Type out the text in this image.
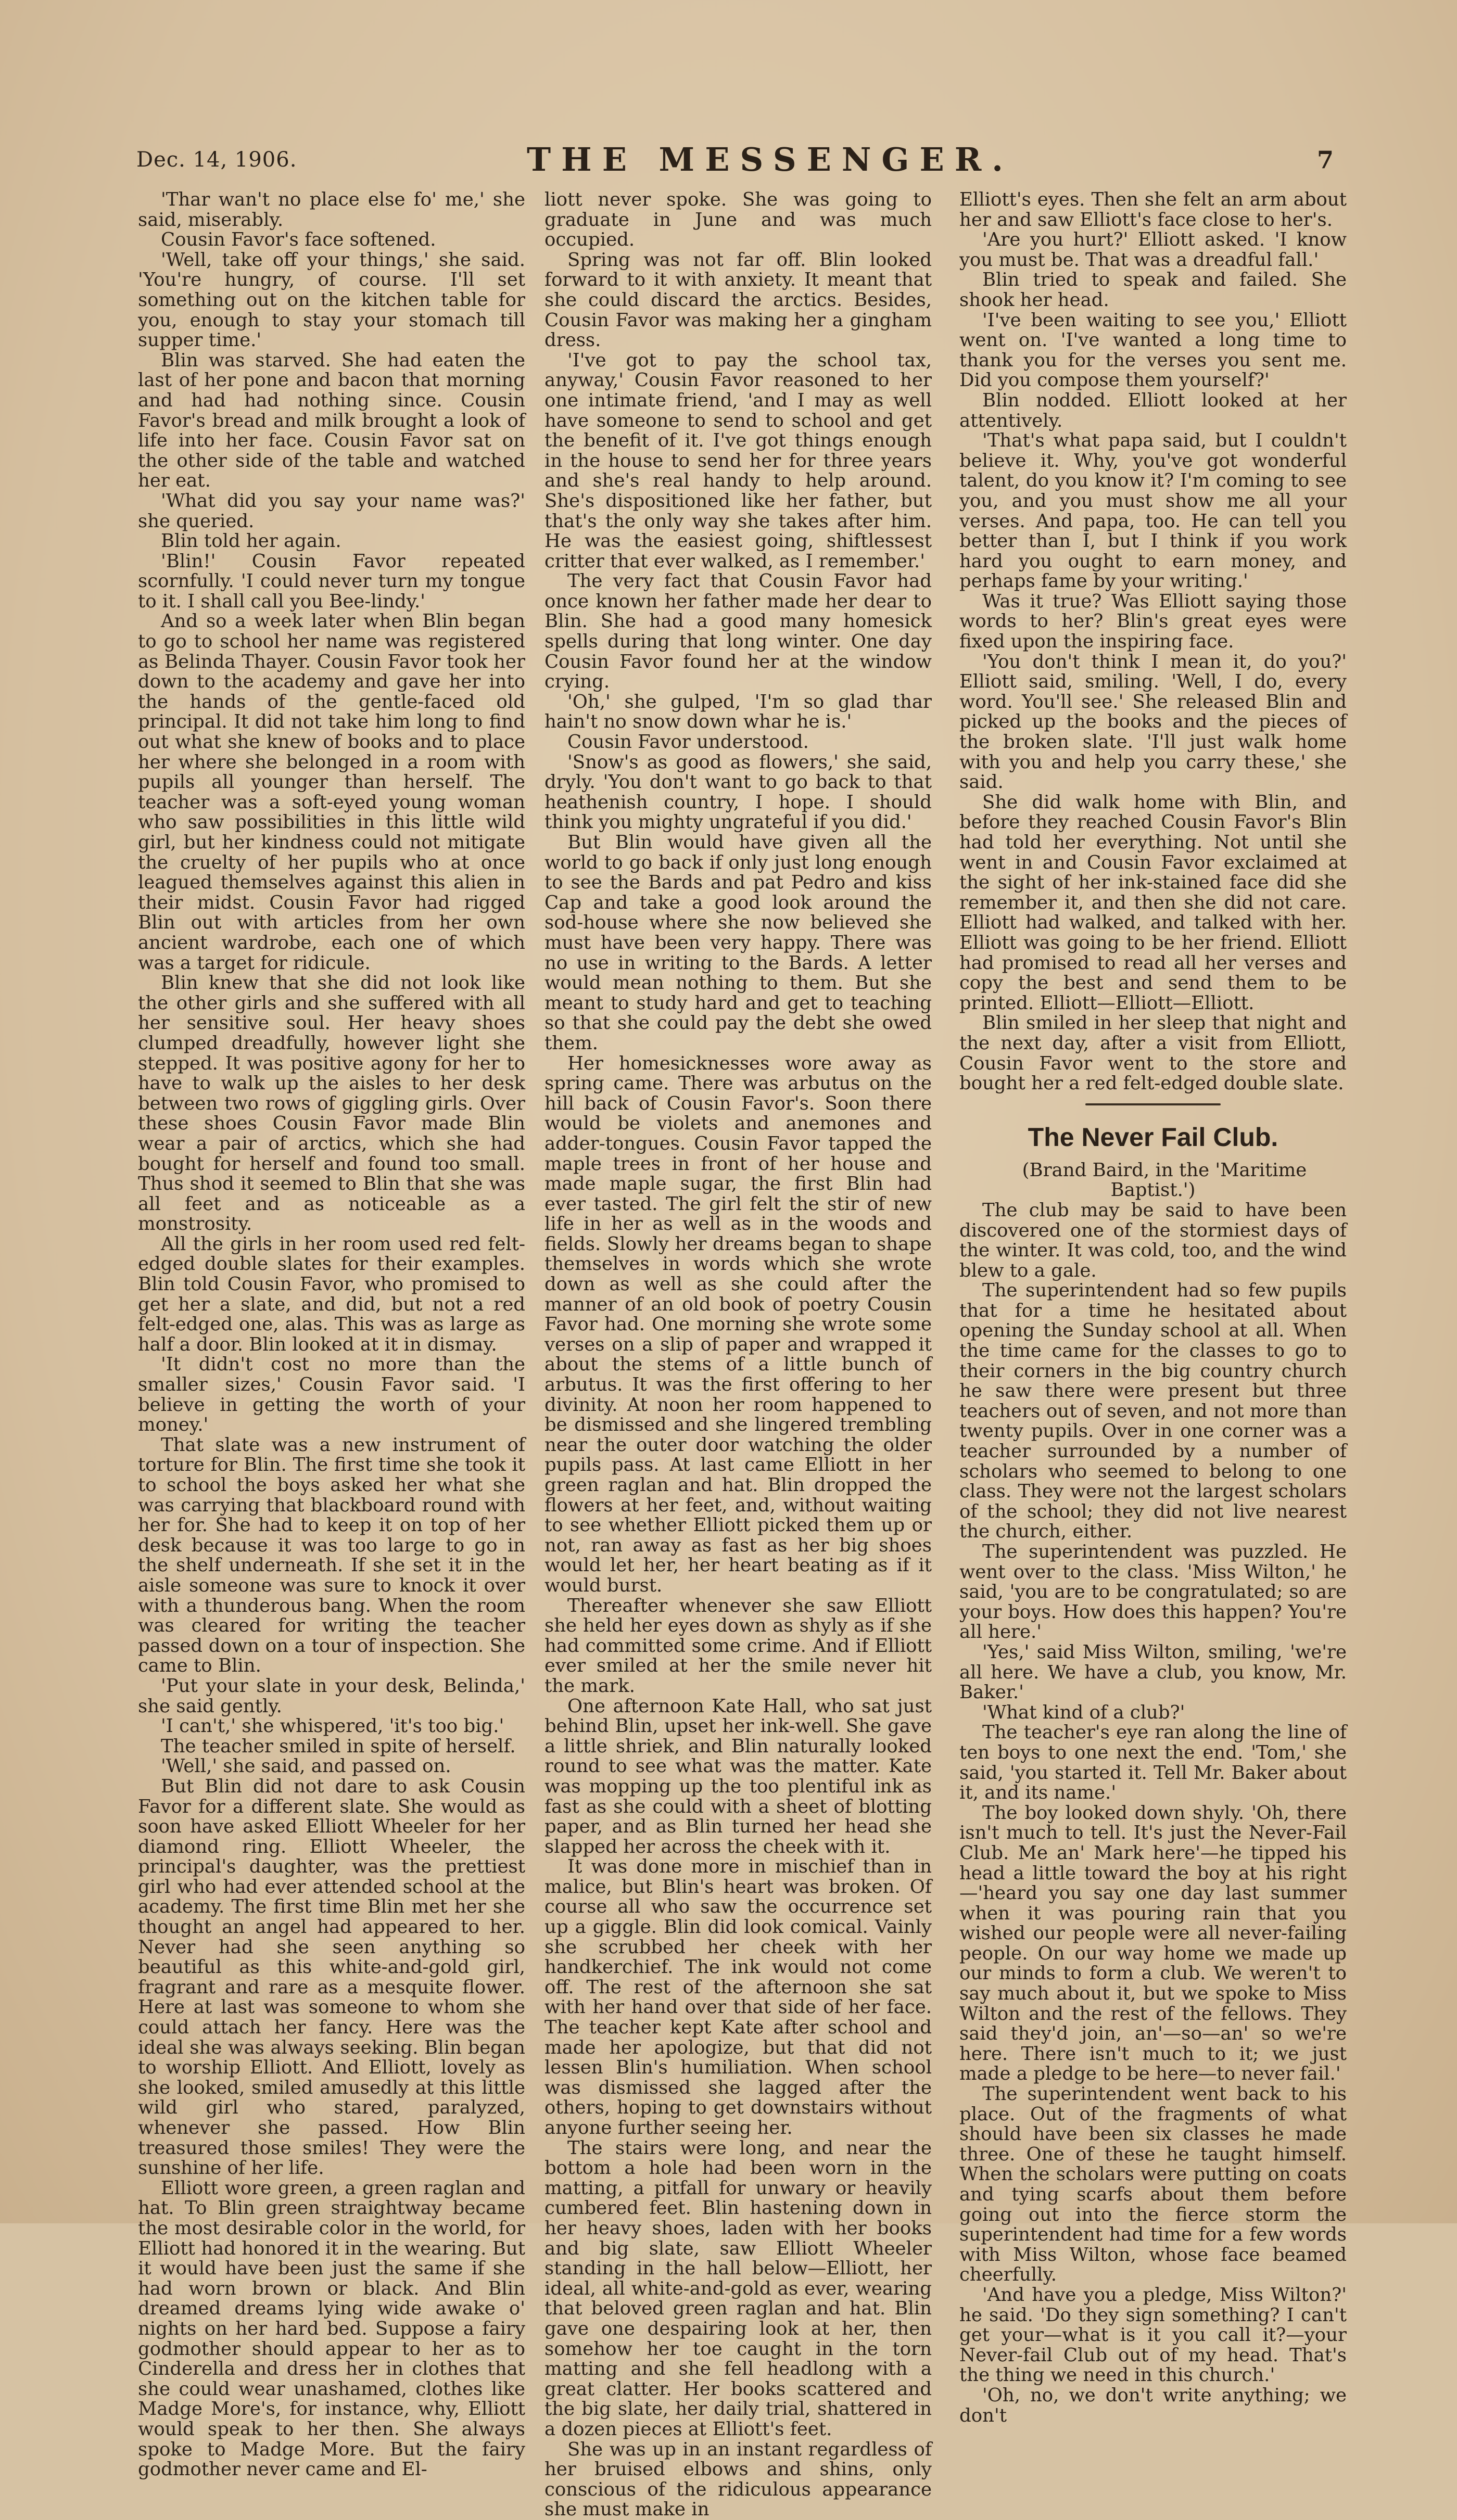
Dec. 14, 1906.	THE MESSENGER.	7

'Thar wan't no place else fo' me,' she said, miserably.

Cousin Favor's face softened.

'Well, take off your things,' she said. 'You're hungry, of course. I'll set something out on the kitchen table for you, enough to stay your stomach till supper time.'

Blin was starved. She had eaten the last of her pone and bacon that morning and had had nothing since. Cousin Favor's bread and milk brought a look of life into her face. Cousin Favor sat on the other side of the table and watched her eat.

'What did you say your name was?' she queried.

Blin told her again.

'Blin!' Cousin Favor repeated scornfully. 'I could never turn my tongue to it. I shall call you Bee-lindy.'

And so a week later when Blin began to go to school her name was registered as Belinda Thayer. Cousin Favor took her down to the academy and gave her into the hands of the gentle-faced old principal. It did not take him long to find out what she knew of books and to place her where she belonged in a room with pupils all younger than herself. The teacher was a soft-eyed young woman who saw possibilities in this little wild girl, but her kindness could not mitigate the cruelty of her pupils who at once leagued themselves against this alien in their midst. Cousin Favor had rigged Blin out with articles from her own ancient wardrobe, each one of which was a target for ridicule.

Blin knew that she did not look like the other girls and she suffered with all her sensitive soul. Her heavy shoes clumped dreadfully, however light she stepped. It was positive agony for her to have to walk up the aisles to her desk between two rows of giggling girls. Over these shoes Cousin Favor made Blin wear a pair of arctics, which she had bought for herself and found too small. Thus shod it seemed to Blin that she was all feet and as noticeable as a monstrosity.

All the girls in her room used red felt-edged double slates for their examples. Blin told Cousin Favor, who promised to get her a slate, and did, but not a red felt-edged one, alas. This was as large as half a door. Blin looked at it in dismay.

'It didn't cost no more than the smaller sizes,' Cousin Favor said. 'I believe in getting the worth of your money.'

That slate was a new instrument of torture for Blin. The first time she took it to school the boys asked her what she was carrying that blackboard round with her for. She had to keep it on top of her desk because it was too large to go in the shelf underneath. If she set it in the aisle someone was sure to knock it over with a thunderous bang. When the room was cleared for writing the teacher passed down on a tour of inspection. She came to Blin.

'Put your slate in your desk, Belinda,' she said gently.

'I can't,' she whispered, 'it's too big.'

The teacher smiled in spite of herself.

'Well,' she said, and passed on.

But Blin did not dare to ask Cousin Favor for a different slate. She would as soon have asked Elliott Wheeler for her diamond ring. Elliott Wheeler, the principal's daughter, was the prettiest girl who had ever attended school at the academy. The first time Blin met her she thought an angel had appeared to her. Never had she seen anything so beautiful as this white-and-gold girl, fragrant and rare as a mesquite flower. Here at last was someone to whom she could attach her fancy. Here was the ideal she was always seeking. Blin began to worship Elliott. And Elliott, lovely as she looked, smiled amusedly at this little wild girl who stared, paralyzed, whenever she passed. How Blin treasured those smiles! They were the sunshine of her life.

Elliott wore green, a green raglan and hat. To Blin green straightway became the most desirable color in the world, for Elliott had honored it in the wearing. But it would have been just the same if she had worn brown or black. And Blin dreamed dreams lying wide awake o' nights on her hard bed. Suppose a fairy godmother should appear to her as to Cinderella and dress her in clothes that she could wear unashamed, clothes like Madge More's, for instance, why, Elliott would speak to her then. She always spoke to Madge More. But the fairy godmother never came and El-

liott never spoke. She was going to graduate in June and was much occupied.

Spring was not far off. Blin looked forward to it with anxiety. It meant that she could discard the arctics. Besides, Cousin Favor was making her a gingham dress.

'I've got to pay the school tax, anyway,' Cousin Favor reasoned to her one intimate friend, 'and I may as well have someone to send to school and get the benefit of it. I've got things enough in the house to send her for three years and she's real handy to help around. She's dispositioned like her father, but that's the only way she takes after him. He was the easiest going, shiftlessest critter that ever walked, as I remember.'

The very fact that Cousin Favor had once known her father made her dear to Blin. She had a good many homesick spells during that long winter. One day Cousin Favor found her at the window crying.

'Oh,' she gulped, 'I'm so glad thar hain't no snow down whar he is.'

Cousin Favor understood.

'Snow's as good as flowers,' she said, dryly. 'You don't want to go back to that heathenish country, I hope. I should think you mighty ungrateful if you did.'

But Blin would have given all the world to go back if only just long enough to see the Bards and pat Pedro and kiss Cap and take a good look around the sod-house where she now believed she must have been very happy. There was no use in writing to the Bards. A letter would mean nothing to them. But she meant to study hard and get to teaching so that she could pay the debt she owed them.

Her homesicknesses wore away as spring came. There was arbutus on the hill back of Cousin Favor's. Soon there would be violets and anemones and adder-tongues. Cousin Favor tapped the maple trees in front of her house and made maple sugar, the first Blin had ever tasted. The girl felt the stir of new life in her as well as in the woods and fields. Slowly her dreams began to shape themselves in words which she wrote down as well as she could after the manner of an old book of poetry Cousin Favor had. One morning she wrote some verses on a slip of paper and wrapped it about the stems of a little bunch of arbutus. It was the first offering to her divinity. At noon her room happened to be dismissed and she lingered trembling near the outer door watching the older pupils pass. At last came Elliott in her green raglan and hat. Blin dropped the flowers at her feet, and, without waiting to see whether Elliott picked them up or not, ran away as fast as her big shoes would let her, her heart beating as if it would burst.

Thereafter whenever she saw Elliott she held her eyes down as shyly as if she had committed some crime. And if Elliott ever smiled at her the smile never hit the mark.

One afternoon Kate Hall, who sat just behind Blin, upset her ink-well. She gave a little shriek, and Blin naturally looked round to see what was the matter. Kate was mopping up the too plentiful ink as fast as she could with a sheet of blotting paper, and as Blin turned her head she slapped her across the cheek with it.

It was done more in mischief than in malice, but Blin's heart was broken. Of course all who saw the occurrence set up a giggle. Blin did look comical. Vainly she scrubbed her cheek with her handkerchief. The ink would not come off. The rest of the afternoon she sat with her hand over that side of her face. The teacher kept Kate after school and made her apologize, but that did not lessen Blin's humiliation. When school was dismissed she lagged after the others, hoping to get downstairs without anyone further seeing her.

The stairs were long, and near the bottom a hole had been worn in the matting, a pitfall for unwary or heavily cumbered feet. Blin hastening down in her heavy shoes, laden with her books and big slate, saw Elliott Wheeler standing in the hall below—Elliott, her ideal, all white-and-gold as ever, wearing that beloved green raglan and hat. Blin gave one despairing look at her, then somehow her toe caught in the torn matting and she fell headlong with a great clatter. Her books scattered and the big slate, her daily trial, shattered in a dozen pieces at Elliott's feet.

She was up in an instant regardless of her bruised elbows and shins, only conscious of the ridiculous appearance she must make in

Elliott's eyes. Then she felt an arm about her and saw Elliott's face close to her's.

'Are you hurt?' Elliott asked. 'I know you must be. That was a dreadful fall.'

Blin tried to speak and failed. She shook her head.

'I've been waiting to see you,' Elliott went on. 'I've wanted a long time to thank you for the verses you sent me. Did you compose them yourself?'

Blin nodded. Elliott looked at her attentively.

'That's what papa said, but I couldn't believe it. Why, you've got wonderful talent, do you know it? I'm coming to see you, and you must show me all your verses. And papa, too. He can tell you better than I, but I think if you work hard you ought to earn money, and perhaps fame by your writing.'

Was it true? Was Elliott saying those words to her? Blin's great eyes were fixed upon the inspiring face.

'You don't think I mean it, do you?' Elliott said, smiling. 'Well, I do, every word. You'll see.' She released Blin and picked up the books and the pieces of the broken slate. 'I'll just walk home with you and help you carry these,' she said.

She did walk home with Blin, and before they reached Cousin Favor's Blin had told her everything. Not until she went in and Cousin Favor exclaimed at the sight of her ink-stained face did she remember it, and then she did not care. Elliott had walked, and talked with her. Elliott was going to be her friend. Elliott had promised to read all her verses and copy the best and send them to be printed. Elliott—Elliott—Elliott.

Blin smiled in her sleep that night and the next day, after a visit from Elliott, Cousin Favor went to the store and bought her a red felt-edged double slate.

The Never Fail Club.

(Brand Baird, in the 'Maritime Baptist.')

The club may be said to have been discovered one of the stormiest days of the winter. It was cold, too, and the wind blew to a gale.

The superintendent had so few pupils that for a time he hesitated about opening the Sunday school at all. When the time came for the classes to go to their corners in the big country church he saw there were present but three teachers out of seven, and not more than twenty pupils. Over in one corner was a teacher surrounded by a number of scholars who seemed to belong to one class. They were not the largest scholars of the school; they did not live nearest the church, either.

The superintendent was puzzled. He went over to the class. 'Miss Wilton,' he said, 'you are to be congratulated; so are your boys. How does this happen? You're all here.'

'Yes,' said Miss Wilton, smiling, 'we're all here. We have a club, you know, Mr. Baker.'

'What kind of a club?'

The teacher's eye ran along the line of ten boys to one next the end. 'Tom,' she said, 'you started it. Tell Mr. Baker about it, and its name.'

The boy looked down shyly. 'Oh, there isn't much to tell. It's just the Never-Fail Club. Me an' Mark here'—he tipped his head a little toward the boy at his right—'heard you say one day last summer when it was pouring rain that you wished our people were all never-failing people. On our way home we made up our minds to form a club. We weren't to say much about it, but we spoke to Miss Wilton and the rest of the fellows. They said they'd join, an'—so—an' so we're here. There isn't much to it; we just made a pledge to be here—to never fail.'

The superintendent went back to his place. Out of the fragments of what should have been six classes he made three. One of these he taught himself. When the scholars were putting on coats and tying scarfs about them before going out into the fierce storm the superintendent had time for a few words with Miss Wilton, whose face beamed cheerfully.

'And have you a pledge, Miss Wilton?' he said. 'Do they sign something? I can't get your—what is it you call it?—your Never-fail Club out of my head. That's the thing we need in this church.'

'Oh, no, we don't write anything; we don't
